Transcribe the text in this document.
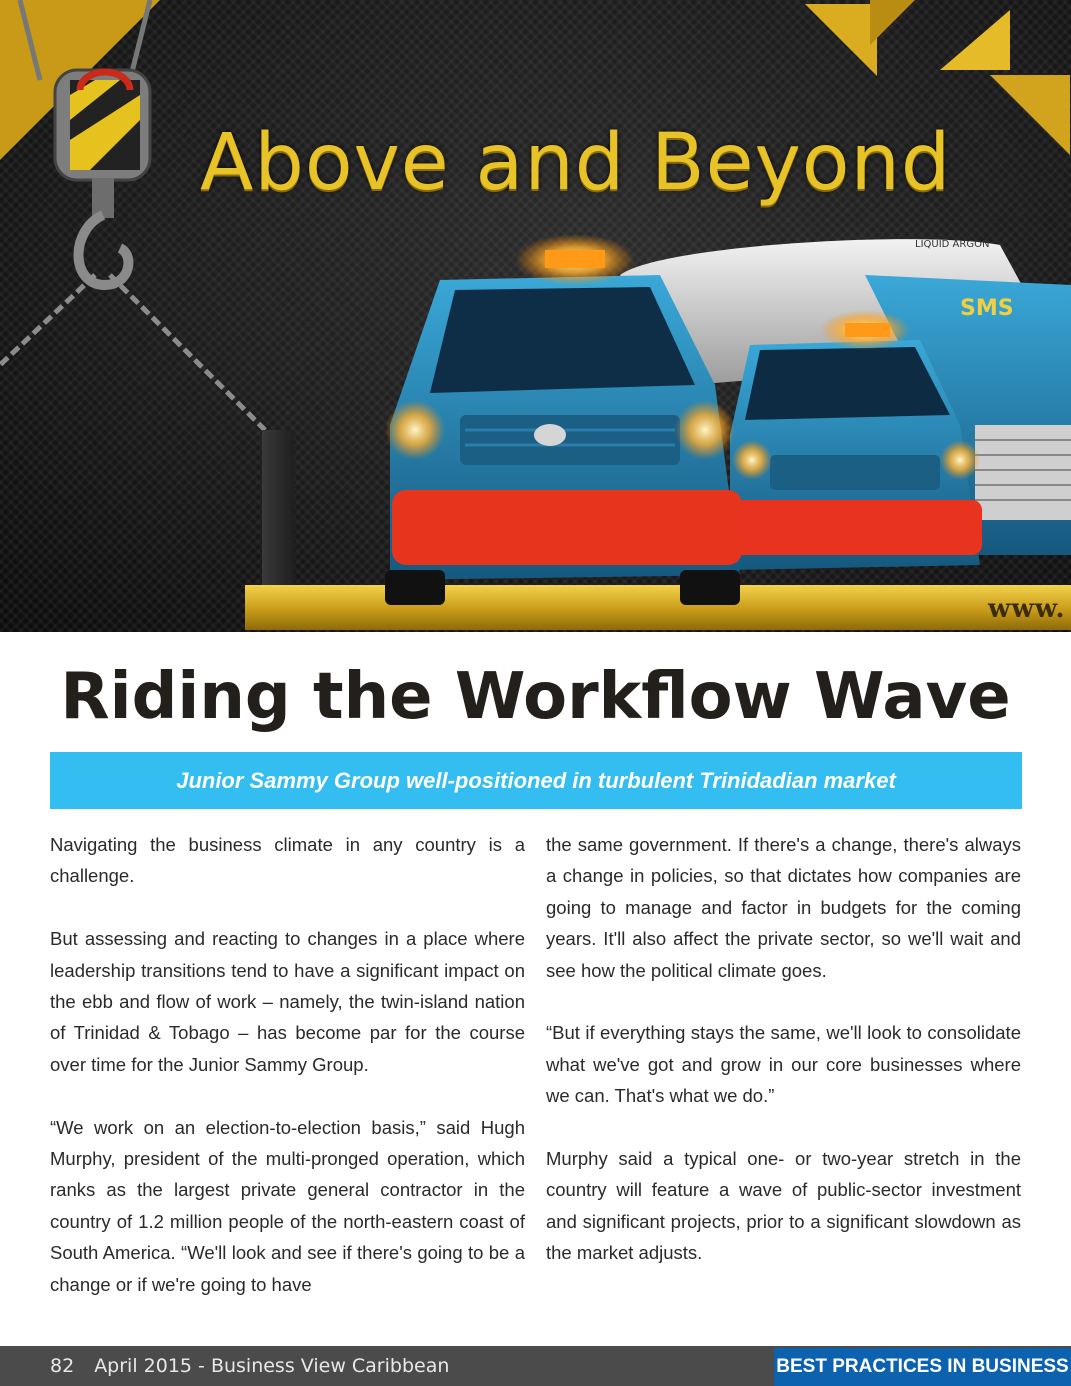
Above and Beyond
LIQUID ARGON
SMS
www.
Riding the Workflow Wave
Junior Sammy Group well-positioned in turbulent Trinidadian market

Navigating the business climate in any country is a challenge.

But assessing and reacting to changes in a place where leadership transitions tend to have a significant impact on the ebb and flow of work – namely, the twin-island nation of Trinidad & Tobago – has become par for the course over time for the Junior Sammy Group.

“We work on an election-to-election basis,” said Hugh Murphy, president of the multi-pronged operation, which ranks as the largest private general contractor in the country of 1.2 million people of the north-eastern coast of South America. “We'll look and see if there's going to be a change or if we're going to have

the same government. If there's a change, there's always a change in policies, so that dictates how companies are going to manage and factor in budgets for the coming years. It'll also affect the private sector, so we'll wait and see how the political climate goes.

“But if everything stays the same, we'll look to consolidate what we've got and grow in our core businesses where we can. That's what we do.”

Murphy said a typical one- or two-year stretch in the country will feature a wave of public-sector investment and significant projects, prior to a significant slowdown as the market adjusts.

82 April 2015 - Business View Caribbean	BEST PRACTICES IN BUSINESS
